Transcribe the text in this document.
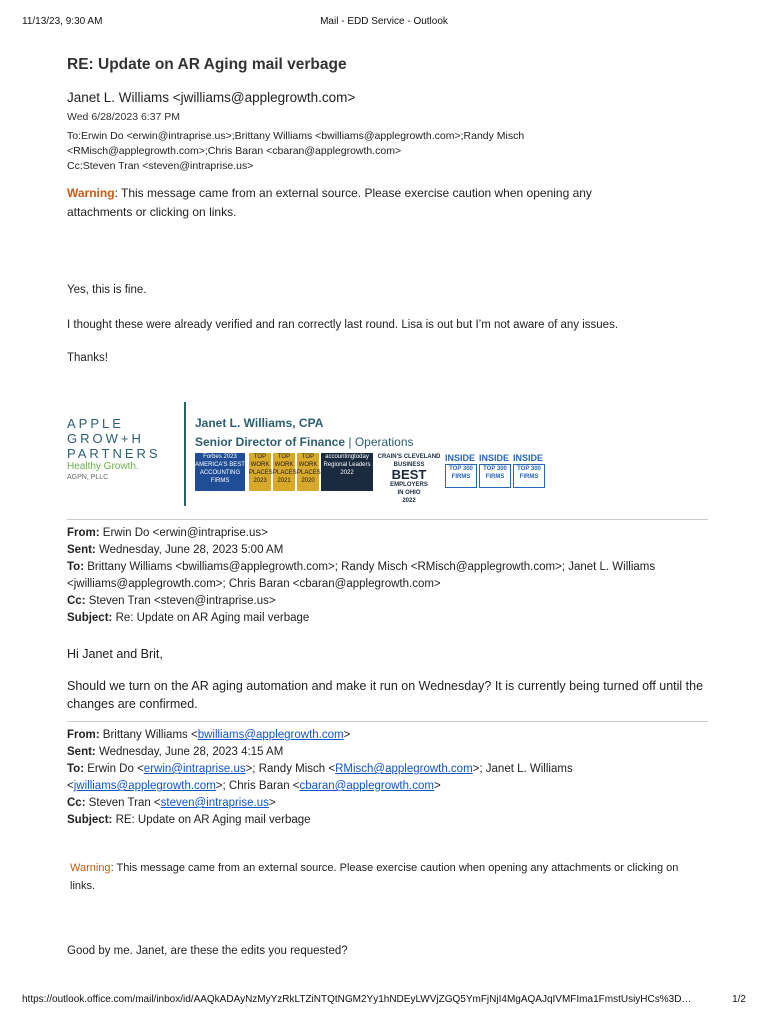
11/13/23, 9:30 AM	Mail - EDD Service - Outlook
RE: Update on AR Aging mail verbage
Janet L. Williams <jwilliams@applegrowth.com>
Wed 6/28/2023 6:37 PM
To:Erwin Do <erwin@intraprise.us>;Brittany Williams <bwilliams@applegrowth.com>;Randy Misch <RMisch@applegrowth.com>;Chris Baran <cbaran@applegrowth.com>
Cc:Steven Tran <steven@intraprise.us>
Warning: This message came from an external source. Please exercise caution when opening any attachments or clicking on links.
Yes, this is fine.
I thought these were already verified and ran correctly last round. Lisa is out but I’m not aware of any issues.
Thanks!
APPLE
GROW+H
PARTNERS
Healthy Growth.
AGPN, PLLC
Janet L. Williams, CPA
Senior Director of Finance | Operations
Forbes 2023
AMERICA'S BEST ACCOUNTING FIRMS
TOP
WORK PLACES
2023
TOP
WORK PLACES
2021
TOP
WORK PLACES
2020
accountingtoday
Regional Leaders
2022
CRAIN'S CLEVELAND BUSINESS
BEST
EMPLOYERS
IN OHIO
2022
INSIDE INSIDE INSIDE
TOP 300 FIRMS
TOP 300 FIRMS
TOP 300 FIRMS
From: Erwin Do <erwin@intraprise.us>
Sent: Wednesday, June 28, 2023 5:00 AM
To: Brittany Williams <bwilliams@applegrowth.com>; Randy Misch <RMisch@applegrowth.com>; Janet L. Williams <jwilliams@applegrowth.com>; Chris Baran <cbaran@applegrowth.com>
Cc: Steven Tran <steven@intraprise.us>
Subject: Re: Update on AR Aging mail verbage
Hi Janet and Brit,
Should we turn on the AR aging automation and make it run on Wednesday? It is currently being turned off until the changes are confirmed.
From: Brittany Williams <bwilliams@applegrowth.com>
Sent: Wednesday, June 28, 2023 4:15 AM
To: Erwin Do <erwin@intraprise.us>; Randy Misch <RMisch@applegrowth.com>; Janet L. Williams <jwilliams@applegrowth.com>; Chris Baran <cbaran@applegrowth.com>
Cc: Steven Tran <steven@intraprise.us>
Subject: RE: Update on AR Aging mail verbage
Warning: This message came from an external source. Please exercise caution when opening any attachments or clicking on links.
Good by me. Janet, are these the edits you requested?
https://outlook.office.com/mail/inbox/id/AAQkADAyNzMyYzRkLTZiNTQtNGM2Yy1hNDEyLWVjZGQ5YmFjNjI4MgAQAJqIVMFIma1FmstUsiyHCs%3D…	1/2
